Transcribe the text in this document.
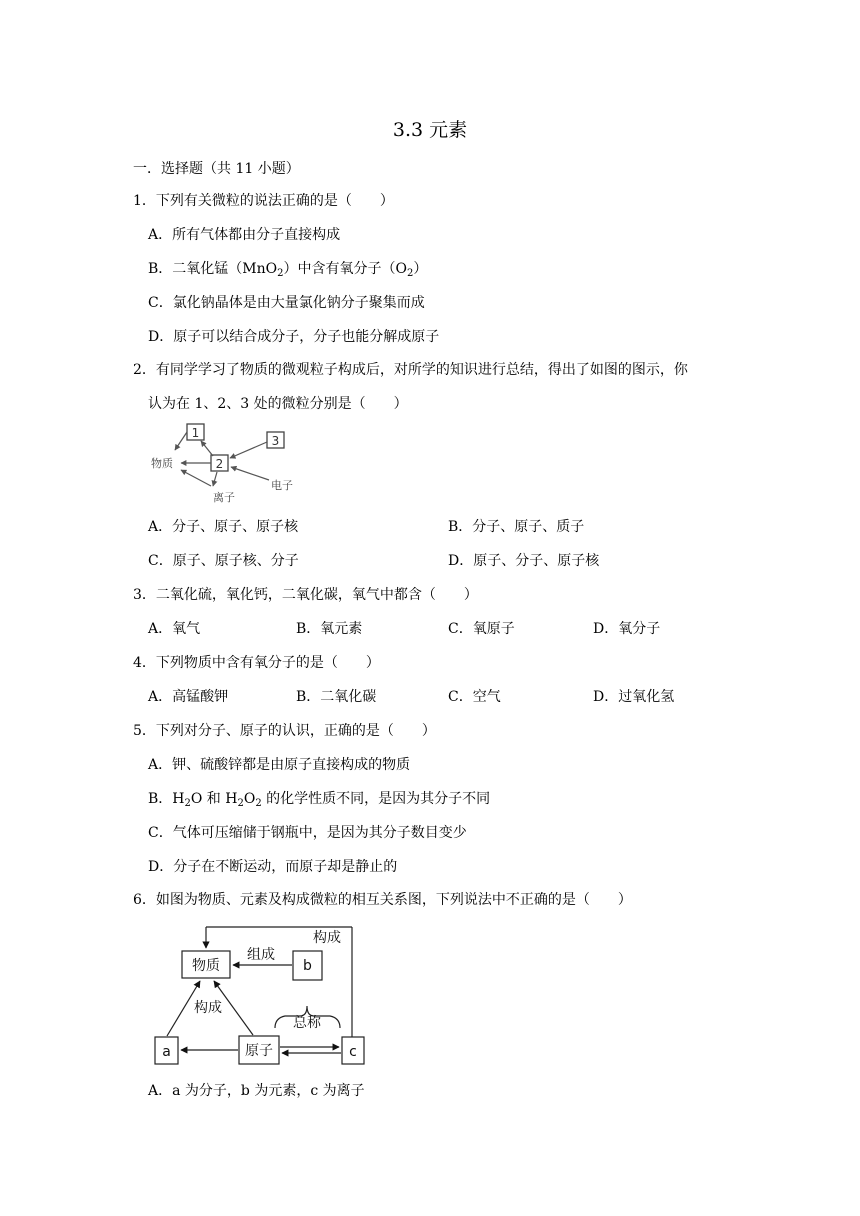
3.3 元素
一．选择题（共 11 小题）
1．下列有关微粒的说法正确的是（　　）
A．所有气体都由分子直接构成
B．二氧化锰（MnO$_2$）中含有氧分子$(O_2)$
C．氯化钠晶体是由大量氯化钠分子聚集而成
D．原子可以结合成分子，分子也能分解成原子
2．有同学学习了物质的微观粒子构成后，对所学的知识进行总结，得出了如图的图示，你
认为在 1、2、3 处的微粒分别是（　　）
1
2
3
物质
离子
电子
A．分子、原子、原子核	B．分子、原子、质子
C．原子、原子核、分子	D．原子、分子、原子核
3．二氧化硫，氧化钙，二氧化碳，氧气中都含（　　）
A．氧气	B．氧元素	C．氧原子	D．氧分子
4．下列物质中含有氧分子的是（　　）
A．高锰酸钾	B．二氧化碳	C．空气	D．过氧化氢
5．下列对分子、原子的认识，正确的是（　　）
A．钾、硫酸锌都是由原子直接构成的物质
B．$H_2O$ 和 $H_2O_2$ 的化学性质不同，是因为其分子不同
C．气体可压缩储于钢瓶中，是因为其分子数目变少
D．分子在不断运动，而原子却是静止的
6．如图为物质、元素及构成微粒的相互关系图，下列说法中不正确的是（　　）
构成
物质	b
组成
总称
a	原子	c
构成
A．a 为分子，b 为元素，c 为离子
